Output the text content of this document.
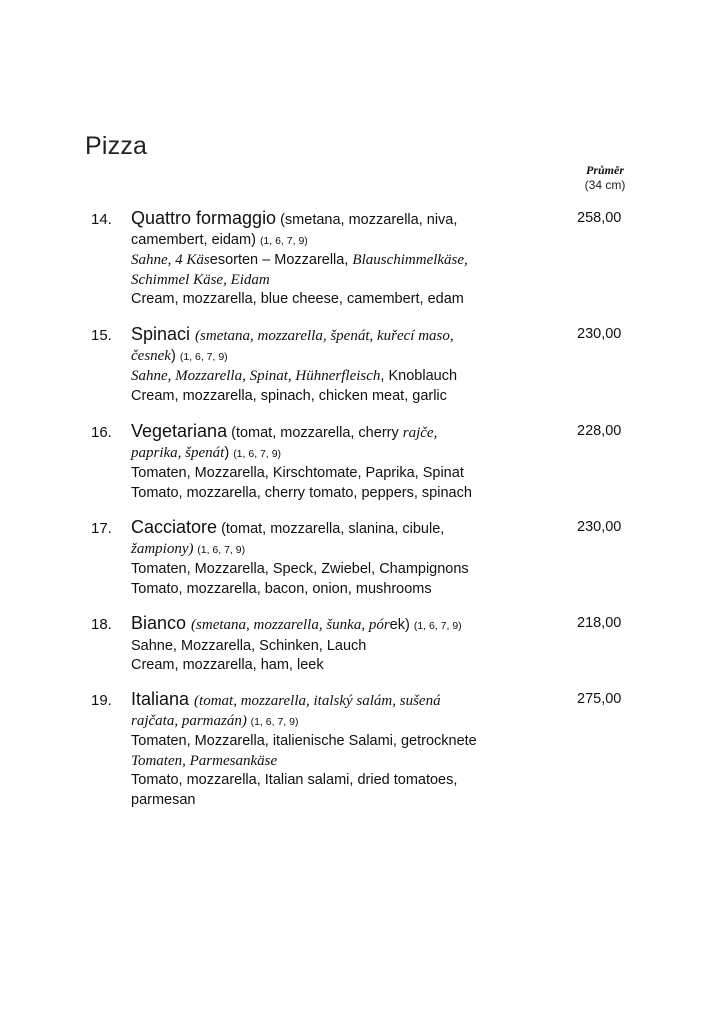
Pizza
Průměr
(34 cm)
14. Quattro formaggio (smetana, mozzarella, niva,
camembert, eidam) (1, 6, 7, 9)
Sahne, 4 Käsesorten – Mozzarella, Blauschimmelkäse,
Schimmel Käse, Eidam
Cream, mozzarella, blue cheese, camembert, edam
258,00
15. Spinaci (smetana, mozzarella, špenát, kuřecí maso,
česnek) (1, 6, 7, 9)
Sahne, Mozzarella, Spinat, Hühnerfleisch, Knoblauch
Cream, mozzarella, spinach, chicken meat, garlic
230,00
16. Vegetariana (tomat, mozzarella, cherry rajče,
paprika, špenát) (1, 6, 7, 9)
Tomaten, Mozzarella, Kirschtomate, Paprika, Spinat
Tomato, mozzarella, cherry tomato, peppers, spinach
228,00
17. Cacciatore (tomat, mozzarella, slanina, cibule,
žampiony) (1, 6, 7, 9)
Tomaten, Mozzarella, Speck, Zwiebel, Champignons
Tomato, mozzarella, bacon, onion, mushrooms
230,00
18. Bianco (smetana, mozzarella, šunka, pórek) (1, 6, 7, 9)
Sahne, Mozzarella, Schinken, Lauch
Cream, mozzarella, ham, leek
218,00
19. Italiana (tomat, mozzarella, italský salám, sušená
rajčata, parmazán) (1, 6, 7, 9)
Tomaten, Mozzarella, italienische Salami, getrocknete
Tomaten, Parmesankäse
Tomato, mozzarella, Italian salami, dried tomatoes,
parmesan
275,00
